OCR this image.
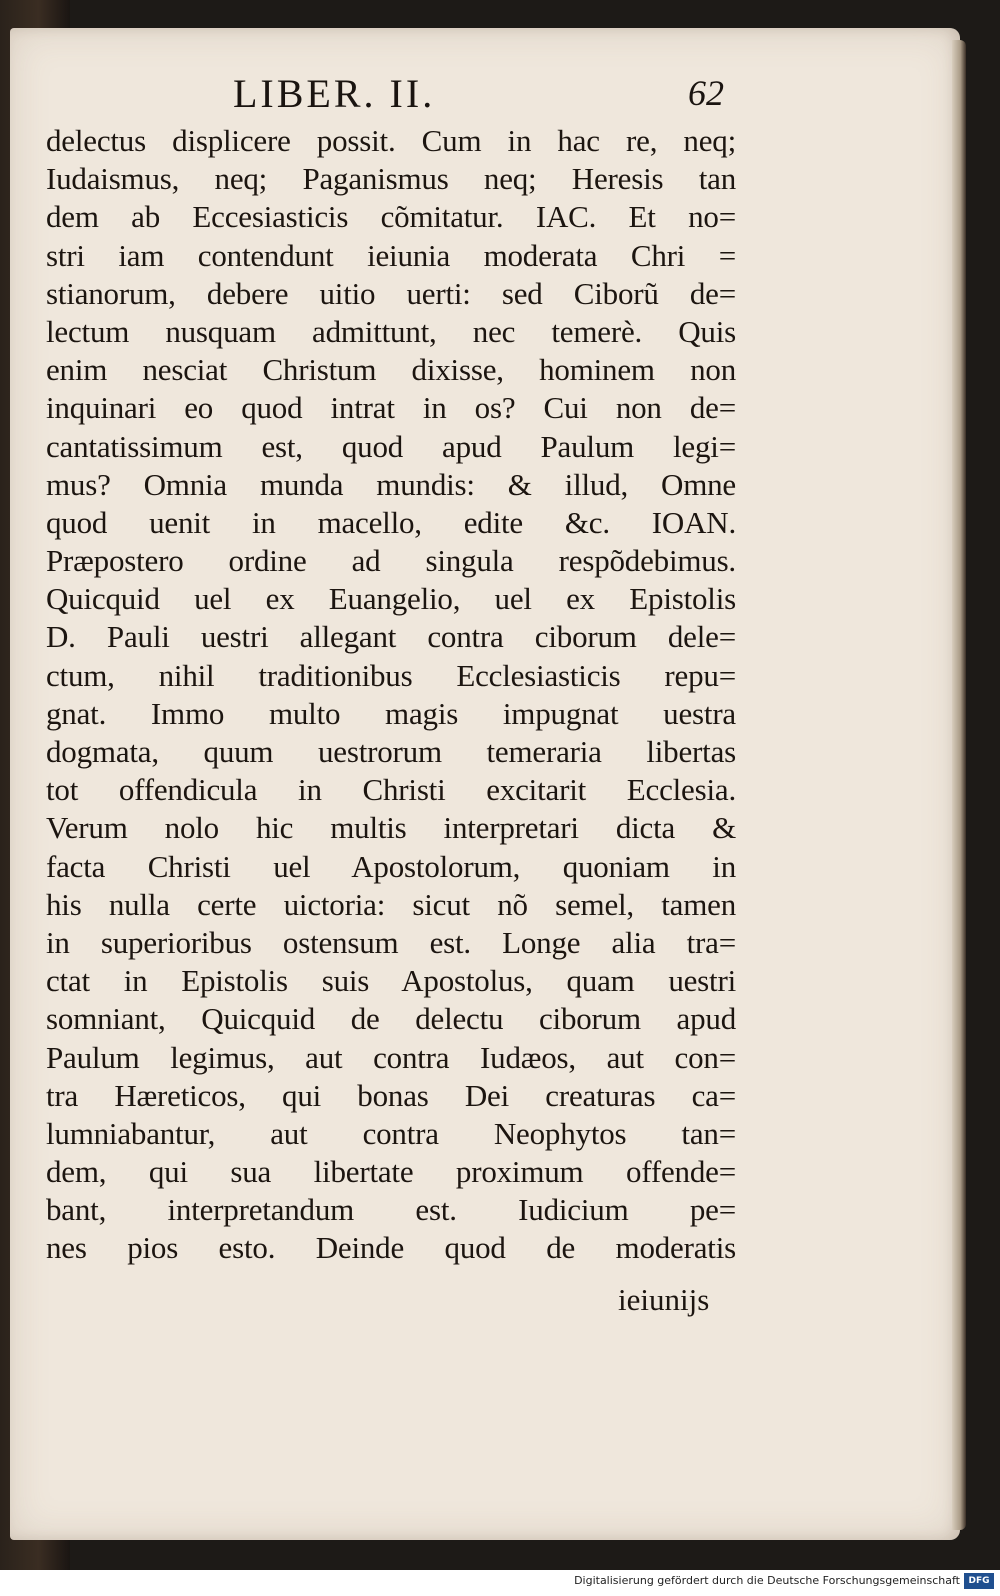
LIBER. II.	62
delectus displicere possit. Cum in hac re, neq;
Iudaismus, neq; Paganismus neq; Heresis tan
dem ab Eccesiasticis cõmitatur. IAC. Et no=
stri iam contendunt ieiunia moderata Chri =
stianorum, debere uitio uerti: sed Ciborũ de=
lectum nusquam admittunt, nec temerè. Quis
enim nesciat Christum dixisse, hominem non
inquinari eo quod intrat in os? Cui non de=
cantatissimum est, quod apud Paulum legi=
mus? Omnia munda mundis: & illud, Omne
quod uenit in macello, edite &c. IOAN.
Præpostero ordine ad singula respõdebimus.
Quicquid uel ex Euangelio, uel ex Epistolis
D. Pauli uestri allegant contra ciborum dele=
ctum, nihil traditionibus Ecclesiasticis repu=
gnat. Immo multo magis impugnat uestra
dogmata, quum uestrorum temeraria libertas
tot offendicula in Christi excitarit Ecclesia.
Verum nolo hic multis interpretari dicta &
facta Christi uel Apostolorum, quoniam in
his nulla certe uictoria: sicut nõ semel, tamen
in superioribus ostensum est. Longe alia tra=
ctat in Epistolis suis Apostolus, quam uestri
somniant, Quicquid de delectu ciborum apud
Paulum legimus, aut contra Iudæos, aut con=
tra Hæreticos, qui bonas Dei creaturas ca=
lumniabantur, aut contra Neophytos tan=
dem, qui sua libertate proximum offende=
bant, interpretandum est. Iudicium pe=
nes pios esto. Deinde quod de moderatis
ieiunijs
Digitalisierung gefördert durch die Deutsche Forschungsgemeinschaft DFG
